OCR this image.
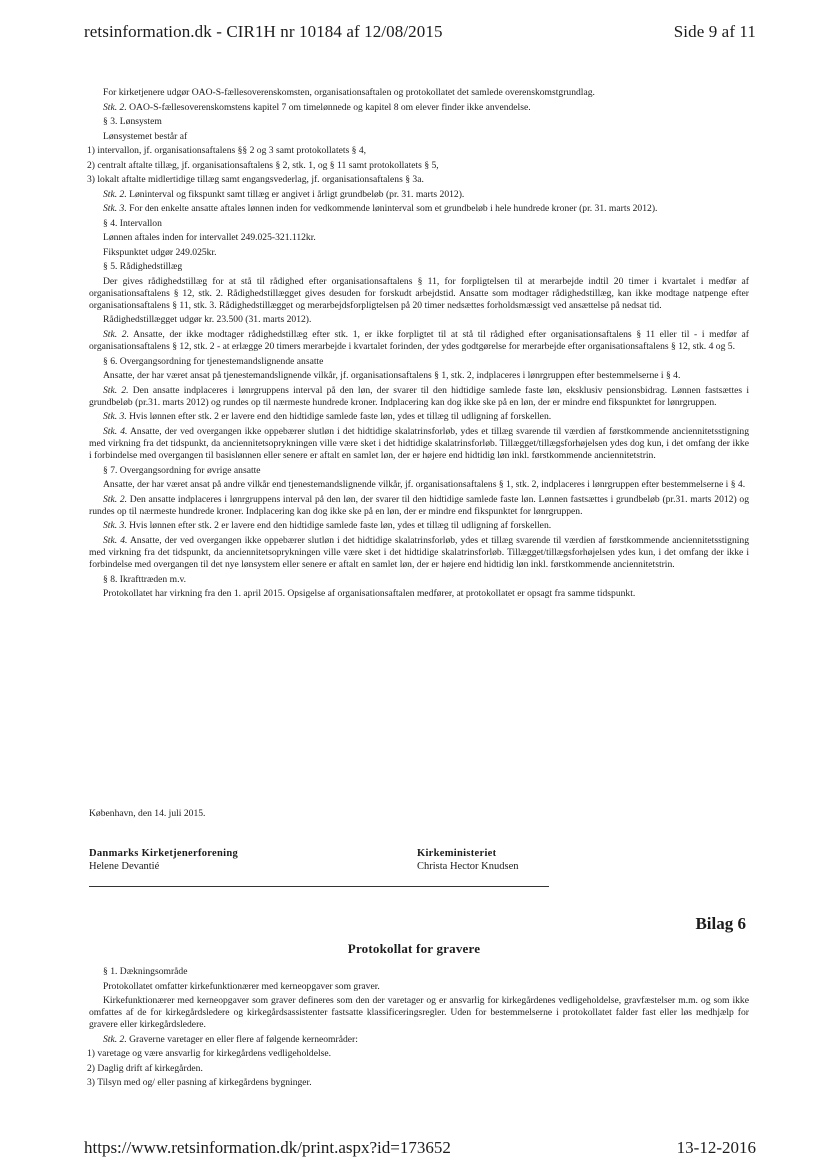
retsinformation.dk - CIR1H nr 10184 af 12/08/2015	Side 9 af 11

For kirketjenere udgør OAO-S-fællesoverenskomsten, organisationsaftalen og protokollatet det samlede overenskomstgrundlag.

Stk. 2. OAO-S-fællesoverenskomstens kapitel 7 om timelønnede og kapitel 8 om elever finder ikke anvendelse.

§ 3. Lønsystem

Lønsystemet består af

1) intervallon, jf. organisationsaftalens §§ 2 og 3 samt protokollatets § 4,

2) centralt aftalte tillæg, jf. organisationsaftalens § 2, stk. 1, og § 11 samt protokollatets § 5,

3) lokalt aftalte midlertidige tillæg samt engangsvederlag, jf. organisationsaftalens § 3a.

Stk. 2. Løninterval og fikspunkt samt tillæg er angivet i årligt grundbeløb (pr. 31. marts 2012).

Stk. 3. For den enkelte ansatte aftales lønnen inden for vedkommende løninterval som et grundbeløb i hele hundrede kroner (pr. 31. marts 2012).

§ 4. Intervallon

Lønnen aftales inden for intervallet 249.025-321.112kr.

Fikspunktet udgør 249.025kr.

§ 5. Rådighedstillæg

Der gives rådighedstillæg for at stå til rådighed efter organisationsaftalens § 11, for forpligtelsen til at merarbejde indtil 20 timer i kvartalet i medfør af organisationsaftalens § 12, stk. 2. Rådighedstillægget gives desuden for forskudt arbejdstid. Ansatte som modtager rådighedstillæg, kan ikke modtage natpenge efter organisationsaftalens § 11, stk. 3. Rådighedstillægget og merarbejdsforpligtelsen på 20 timer nedsættes forholdsmæssigt ved ansættelse på nedsat tid.

Rådighedstillægget udgør kr. 23.500 (31. marts 2012).

Stk. 2. Ansatte, der ikke modtager rådighedstillæg efter stk. 1, er ikke forpligtet til at stå til rådighed efter organisationsaftalens § 11 eller til - i medfør af organisationsaftalens § 12, stk. 2 - at erlægge 20 timers merarbejde i kvartalet forinden, der ydes godtgørelse for merarbejde efter organisationsaftalens § 12, stk. 4 og 5.

§ 6. Overgangsordning for tjenestemandslignende ansatte

Ansatte, der har været ansat på tjenestemandslignende vilkår, jf. organisationsaftalens § 1, stk. 2, indplaceres i lønrgruppen efter bestemmelserne i § 4.

Stk. 2. Den ansatte indplaceres i lønrgruppens interval på den løn, der svarer til den hidtidige samlede faste løn, eksklusiv pensionsbidrag. Lønnen fastsættes i grundbeløb (pr.31. marts 2012) og rundes op til nærmeste hundrede kroner. Indplacering kan dog ikke ske på en løn, der er mindre end fikspunktet for lønrgruppen.

Stk. 3. Hvis lønnen efter stk. 2 er lavere end den hidtidige samlede faste løn, ydes et tillæg til udligning af forskellen.

Stk. 4. Ansatte, der ved overgangen ikke oppebærer slutløn i det hidtidige skalatrinsforløb, ydes et tillæg svarende til værdien af førstkommende anciennitetsstigning med virkning fra det tidspunkt, da anciennitetsoprykningen ville være sket i det hidtidige skalatrinsforløb. Tillægget/tillægsforhøjelsen ydes dog kun, i det omfang der ikke i forbindelse med overgangen til basislønnen eller senere er aftalt en samlet løn, der er højere end hidtidig løn inkl. førstkommende anciennitetstrin.

§ 7. Overgangsordning for øvrige ansatte

Ansatte, der har været ansat på andre vilkår end tjenestemandslignende vilkår, jf. organisationsaftalens § 1, stk. 2, indplaceres i lønrgruppen efter bestemmelserne i § 4.

Stk. 2. Den ansatte indplaceres i lønrgruppens interval på den løn, der svarer til den hidtidige samlede faste løn. Lønnen fastsættes i grundbeløb (pr.31. marts 2012) og rundes op til nærmeste hundrede kroner. Indplacering kan dog ikke ske på en løn, der er mindre end fikspunktet for lønrgruppen.

Stk. 3. Hvis lønnen efter stk. 2 er lavere end den hidtidige samlede faste løn, ydes et tillæg til udligning af forskellen.

Stk. 4. Ansatte, der ved overgangen ikke oppebærer slutløn i det hidtidige skalatrinsforløb, ydes et tillæg svarende til værdien af førstkommende anciennitetsstigning med virkning fra det tidspunkt, da anciennitetsoprykningen ville være sket i det hidtidige skalatrinsforløb. Tillægget/tillægsforhøjelsen ydes kun, i det omfang der ikke i forbindelse med overgangen til det nye lønsystem eller senere er aftalt en samlet løn, der er højere end hidtidig løn inkl. førstkommende anciennitetstrin.

§ 8. Ikrafttræden m.v.

Protokollatet har virkning fra den 1. april 2015. Opsigelse af organisationsaftalen medfører, at protokollatet er opsagt fra samme tidspunkt.

København, den 14. juli 2015.
Danmarks Kirketjenerforening
Helene Devantié
Kirkeministeriet
Christa Hector Knudsen
Bilag 6
Protokollat for gravere

§ 1. Dækningsområde

Protokollatet omfatter kirkefunktionærer med kerneopgaver som graver.

Kirkefunktionærer med kerneopgaver som graver defineres som den der varetager og er ansvarlig for kirkegårdenes vedligeholdelse, gravfæstelser m.m. og som ikke omfattes af de for kirkegårdsledere og kirkegårdsassistenter fastsatte klassificeringsregler. Uden for bestemmelserne i protokollatet falder fast eller løs medhjælp for gravere eller kirkegårdsledere.

Stk. 2. Graverne varetager en eller flere af følgende kerneområder:

1) varetage og være ansvarlig for kirkegårdens vedligeholdelse.

2) Daglig drift af kirkegården.

3) Tilsyn med og/ eller pasning af kirkegårdens bygninger.

https://www.retsinformation.dk/print.aspx?id=173652	13-12-2016
